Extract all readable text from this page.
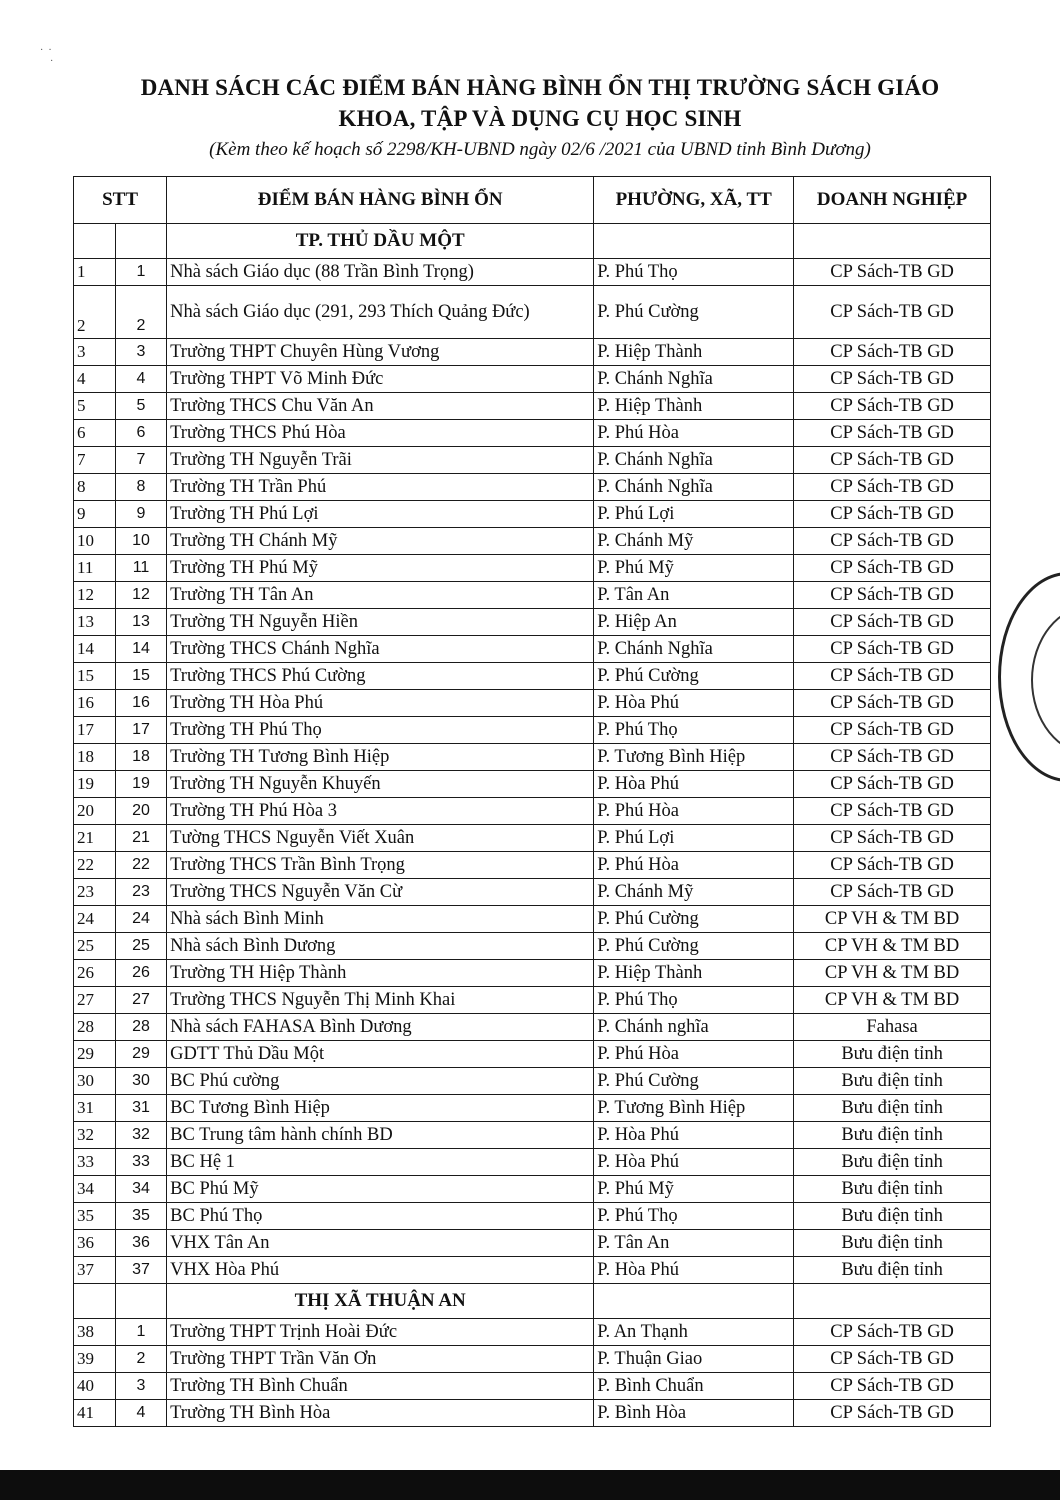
·  ·
·
DANH SÁCH CÁC ĐIỂM BÁN HÀNG BÌNH ỔN THỊ TRƯỜNG SÁCH GIÁO
KHOA, TẬP VÀ DỤNG CỤ HỌC SINH
(Kèm theo kế hoạch số 2298/KH-UBND ngày 02/6 /2021 của UBND tỉnh Bình Dương)
STT		ĐIỂM BÁN HÀNG BÌNH ỔN	PHƯỜNG, XÃ, TT	DOANH NGHIỆP
		TP. THỦ DẦU MỘT		
1	1	Nhà sách Giáo dục (88 Trần Bình Trọng)	P. Phú Thọ	CP Sách-TB GD
2	2	Nhà sách Giáo dục (291, 293 Thích Quảng Đức)	P. Phú Cường	CP Sách-TB GD
3	3	Trường THPT Chuyên Hùng Vương	P. Hiệp Thành	CP Sách-TB GD
4	4	Trường THPT Võ Minh Đức	P. Chánh Nghĩa	CP Sách-TB GD
5	5	Trường THCS Chu Văn An	P. Hiệp Thành	CP Sách-TB GD
6	6	Trường THCS Phú Hòa	P. Phú Hòa	CP Sách-TB GD
7	7	Trường TH Nguyễn Trãi	P. Chánh Nghĩa	CP Sách-TB GD
8	8	Trường TH Trần Phú	P. Chánh Nghĩa	CP Sách-TB GD
9	9	Trường TH Phú Lợi	P. Phú Lợi	CP Sách-TB GD
10	10	Trường TH Chánh Mỹ	P. Chánh Mỹ	CP Sách-TB GD
11	11	Trường TH Phú Mỹ	P. Phú Mỹ	CP Sách-TB GD
12	12	Trường TH Tân An	P. Tân An	CP Sách-TB GD
13	13	Trường TH Nguyễn Hiền	P. Hiệp An	CP Sách-TB GD
14	14	Trường THCS Chánh Nghĩa	P. Chánh Nghĩa	CP Sách-TB GD
15	15	Trường THCS Phú Cường	P. Phú Cường	CP Sách-TB GD
16	16	Trường TH Hòa Phú	P. Hòa Phú	CP Sách-TB GD
17	17	Trường TH Phú Thọ	P. Phú Thọ	CP Sách-TB GD
18	18	Trường TH Tương Bình Hiệp	P. Tương Bình Hiệp	CP Sách-TB GD
19	19	Trường TH Nguyễn Khuyến	P. Hòa Phú	CP Sách-TB GD
20	20	Trường TH Phú Hòa 3	P. Phú Hòa	CP Sách-TB GD
21	21	Tường THCS Nguyễn Viết Xuân	P. Phú Lợi	CP Sách-TB GD
22	22	Trường THCS Trần Bình Trọng	P. Phú Hòa	CP Sách-TB GD
23	23	Trường THCS Nguyễn Văn Cừ	P. Chánh Mỹ	CP Sách-TB GD
24	24	Nhà sách Bình Minh	P. Phú Cường	CP VH & TM BD
25	25	Nhà sách Bình Dương	P. Phú Cường	CP VH & TM BD
26	26	Trường TH Hiệp Thành	P. Hiệp Thành	CP VH & TM BD
27	27	Trường THCS Nguyễn Thị Minh Khai	P. Phú Thọ	CP VH & TM BD
28	28	Nhà sách FAHASA Bình Dương	P. Chánh nghĩa	Fahasa
29	29	GDTT Thủ Dầu Một	P. Phú Hòa	Bưu điện tỉnh
30	30	BC Phú cường	P. Phú Cường	Bưu điện tỉnh
31	31	BC Tương Bình Hiệp	P. Tương Bình Hiệp	Bưu điện tỉnh
32	32	BC Trung tâm hành chính BD	P. Hòa Phú	Bưu điện tỉnh
33	33	BC Hệ 1	P. Hòa Phú	Bưu điện tỉnh
34	34	BC Phú Mỹ	P. Phú Mỹ	Bưu điện tỉnh
35	35	BC Phú Thọ	P. Phú Thọ	Bưu điện tỉnh
36	36	VHX Tân An	P. Tân An	Bưu điện tỉnh
37	37	VHX Hòa Phú	P. Hòa Phú	Bưu điện tỉnh
		THỊ XÃ THUẬN AN		
38	1	Trường THPT Trịnh Hoài Đức	P. An Thạnh	CP Sách-TB GD
39	2	Trường THPT Trần Văn Ơn	P. Thuận Giao	CP Sách-TB GD
40	3	Trường TH Bình Chuẩn	P. Bình Chuẩn	CP Sách-TB GD
41	4	Trường TH Bình Hòa	P. Bình Hòa	CP Sách-TB GD
